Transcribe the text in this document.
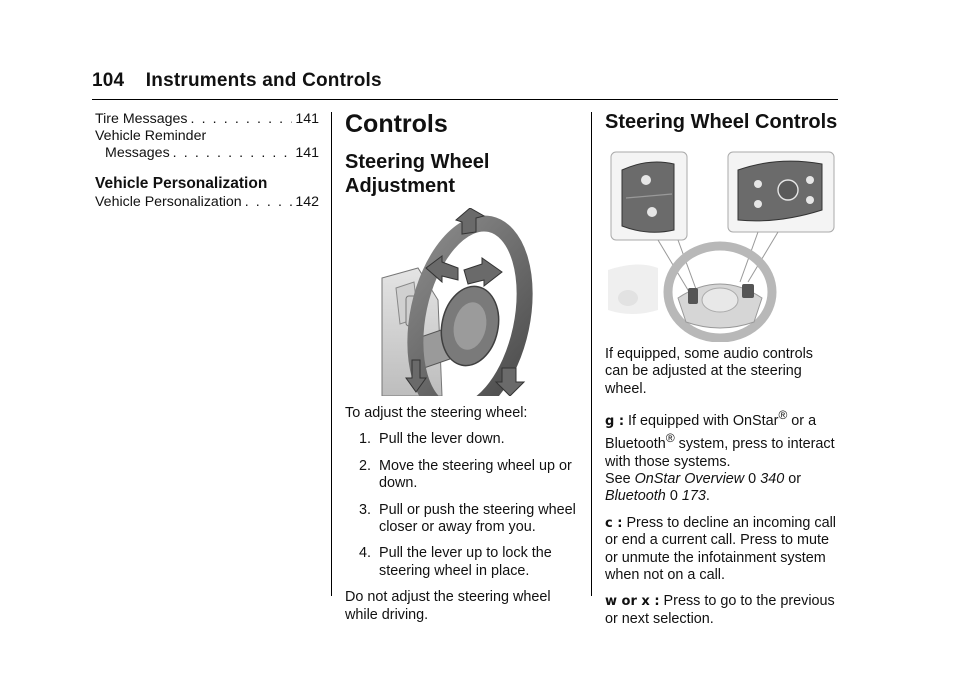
104 Instruments and Controls
Tire Messages . . .	141
Vehicle Reminder
Messages . . .	141
Vehicle Personalization
Vehicle Personalization . . .	142
Controls
Steering Wheel
Adjustment

To adjust the steering wheel:

1. Pull the lever down.
2. Move the steering wheel up or down.
3. Pull or push the steering wheel closer or away from you.
4. Pull the lever up to lock the steering wheel in place.

Do not adjust the steering wheel while driving.

Steering Wheel Controls

If equipped, some audio controls can be adjusted at the steering wheel.

g : If equipped with OnStar® or a Bluetooth® system, press to interact with those systems.
See OnStar Overview 0 340 or
Bluetooth 0 173.

c : Press to decline an incoming call or end a current call. Press to mute or unmute the infotainment system when not on a call.

w or x : Press to go to the previous or next selection.
